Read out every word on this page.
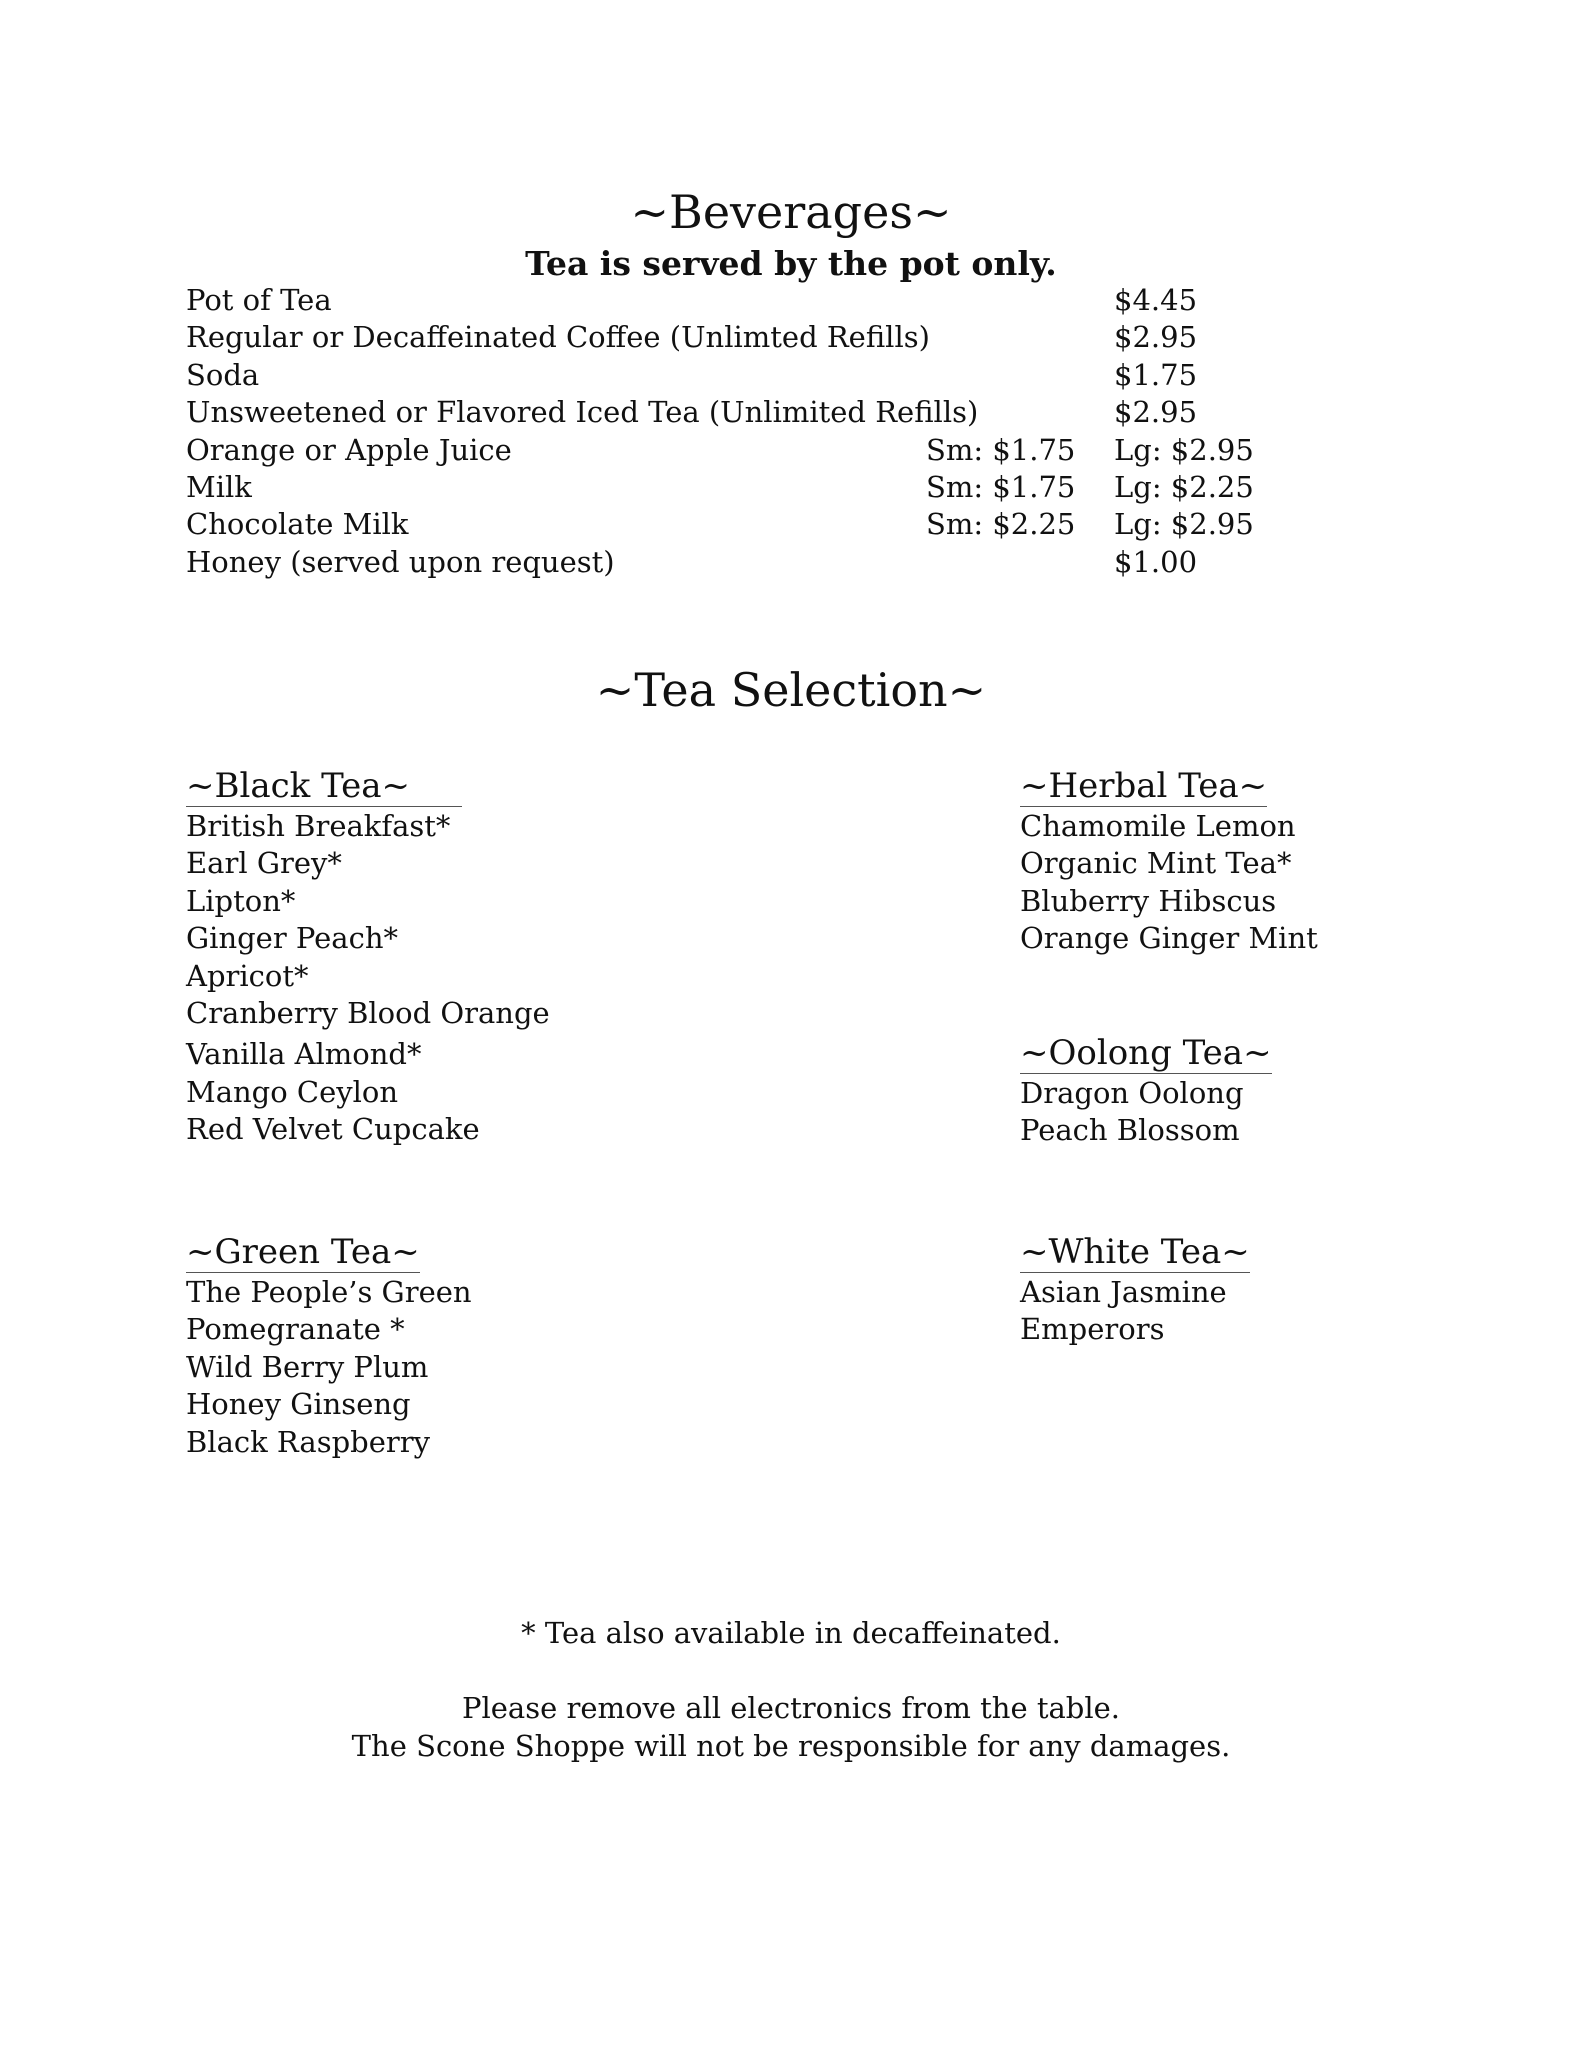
~Beverages~
Tea is served by the pot only.
Pot of Tea	$4.45
Regular or Decaffeinated Coffee (Unlimted Refills)	$2.95
Soda	$1.75
Unsweetened or Flavored Iced Tea (Unlimited Refills)	$2.95
Orange or Apple Juice	Sm: $1.75 Lg: $2.95
Milk	Sm: $1.75 Lg: $2.25
Chocolate Milk	Sm: $2.25 Lg: $2.95
Honey (served upon request)	$1.00
~Tea Selection~
~Black Tea~
British Breakfast*
Earl Grey*
Lipton*
Ginger Peach*
Apricot*
Cranberry Blood Orange
Vanilla Almond*
Mango Ceylon
Red Velvet Cupcake
~Herbal Tea~
Chamomile Lemon
Organic Mint Tea*
Bluberry Hibscus
Orange Ginger Mint
~Oolong Tea~
Dragon Oolong
Peach Blossom
~Green Tea~
The People’s Green
Pomegranate *
Wild Berry Plum
Honey Ginseng
Black Raspberry
~White Tea~
Asian Jasmine
Emperors
* Tea also available in decaffeinated.
Please remove all electronics from the table.
The Scone Shoppe will not be responsible for any damages.
